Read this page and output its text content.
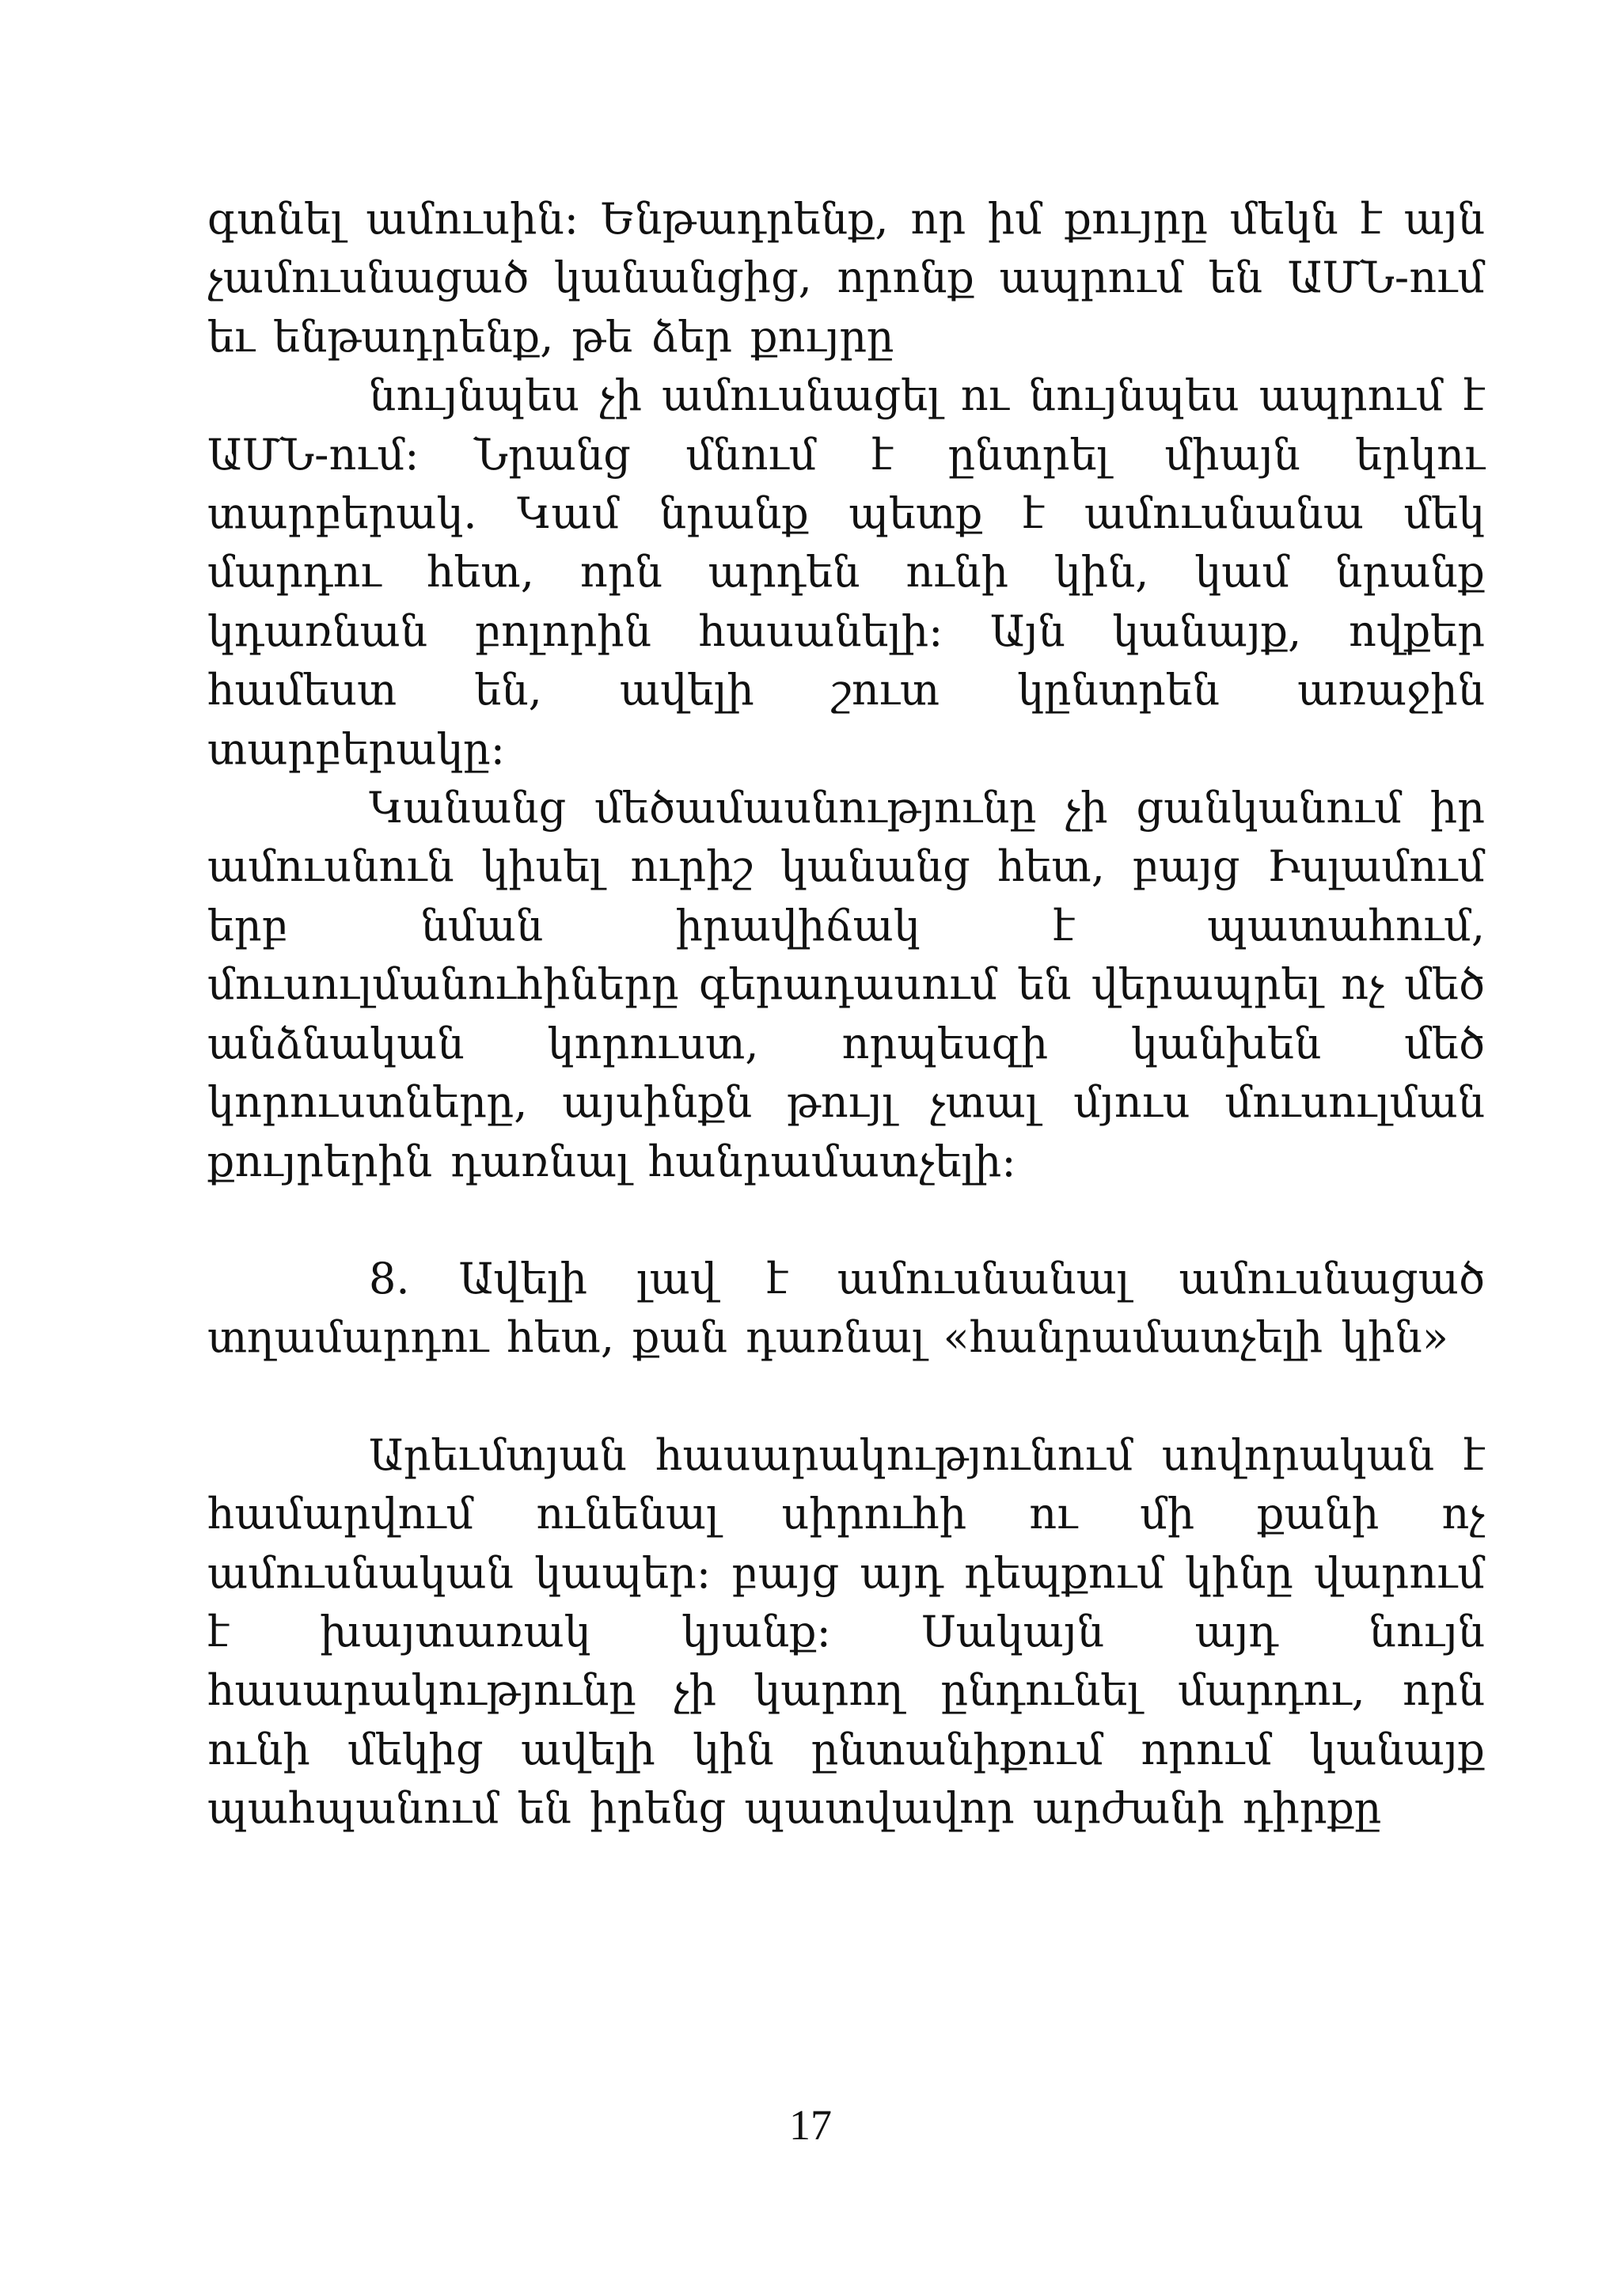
գտնել ամուսին: Ենթադրենք, որ իմ քույրը մեկն է այն չամուսնացած կանանցից, որոնք ապրում են ԱՄՆ-ում եւ ենթադրենք, թե ձեր քույրը

նույնպես չի ամուսնացել ու նույնպես ապրում է ԱՄՆ-ում: Նրանց մնում է ընտրել միայն երկու տարբերակ. Կամ նրանք պետք է ամուսնանա մեկ մարդու հետ, որն արդեն ունի կին, կամ նրանք կդառնան բոլորին հասանելի: Այն կանայք, ովքեր համեստ են, ավելի շուտ կընտրեն առաջին տարբերակը:

Կանանց մեծամասնությունը չի ցանկանում իր ամուսնուն կիսել ուրիշ կանանց հետ, բայց Իսլամում երբ նման իրավիճակ է պատահում, մուսուլմանուհիները գերադասում են վերապրել ոչ մեծ անձնական կորուստ, որպեսզի կանխեն մեծ կորուստները, այսինքն թույլ չտալ մյուս մուսուլման քույրերին դառնալ հանրամատչելի:

8. Ավելի լավ է ամուսնանալ ամուսնացած տղամարդու հետ, քան դառնալ «հանրամատչելի կին»

Արեւմտյան հասարակությունում սովորական է համարվում ունենալ սիրուհի ու մի քանի ոչ ամուսնական կապեր: բայց այդ դեպքում կինը վարում է խայտառակ կյանք: Սակայն այդ նույն հասարակությունը չի կարող ընդունել մարդու, որն ունի մեկից ավելի կին ընտանիքում որում կանայք պահպանում են իրենց պատվավոր արժանի դիրքը

17
